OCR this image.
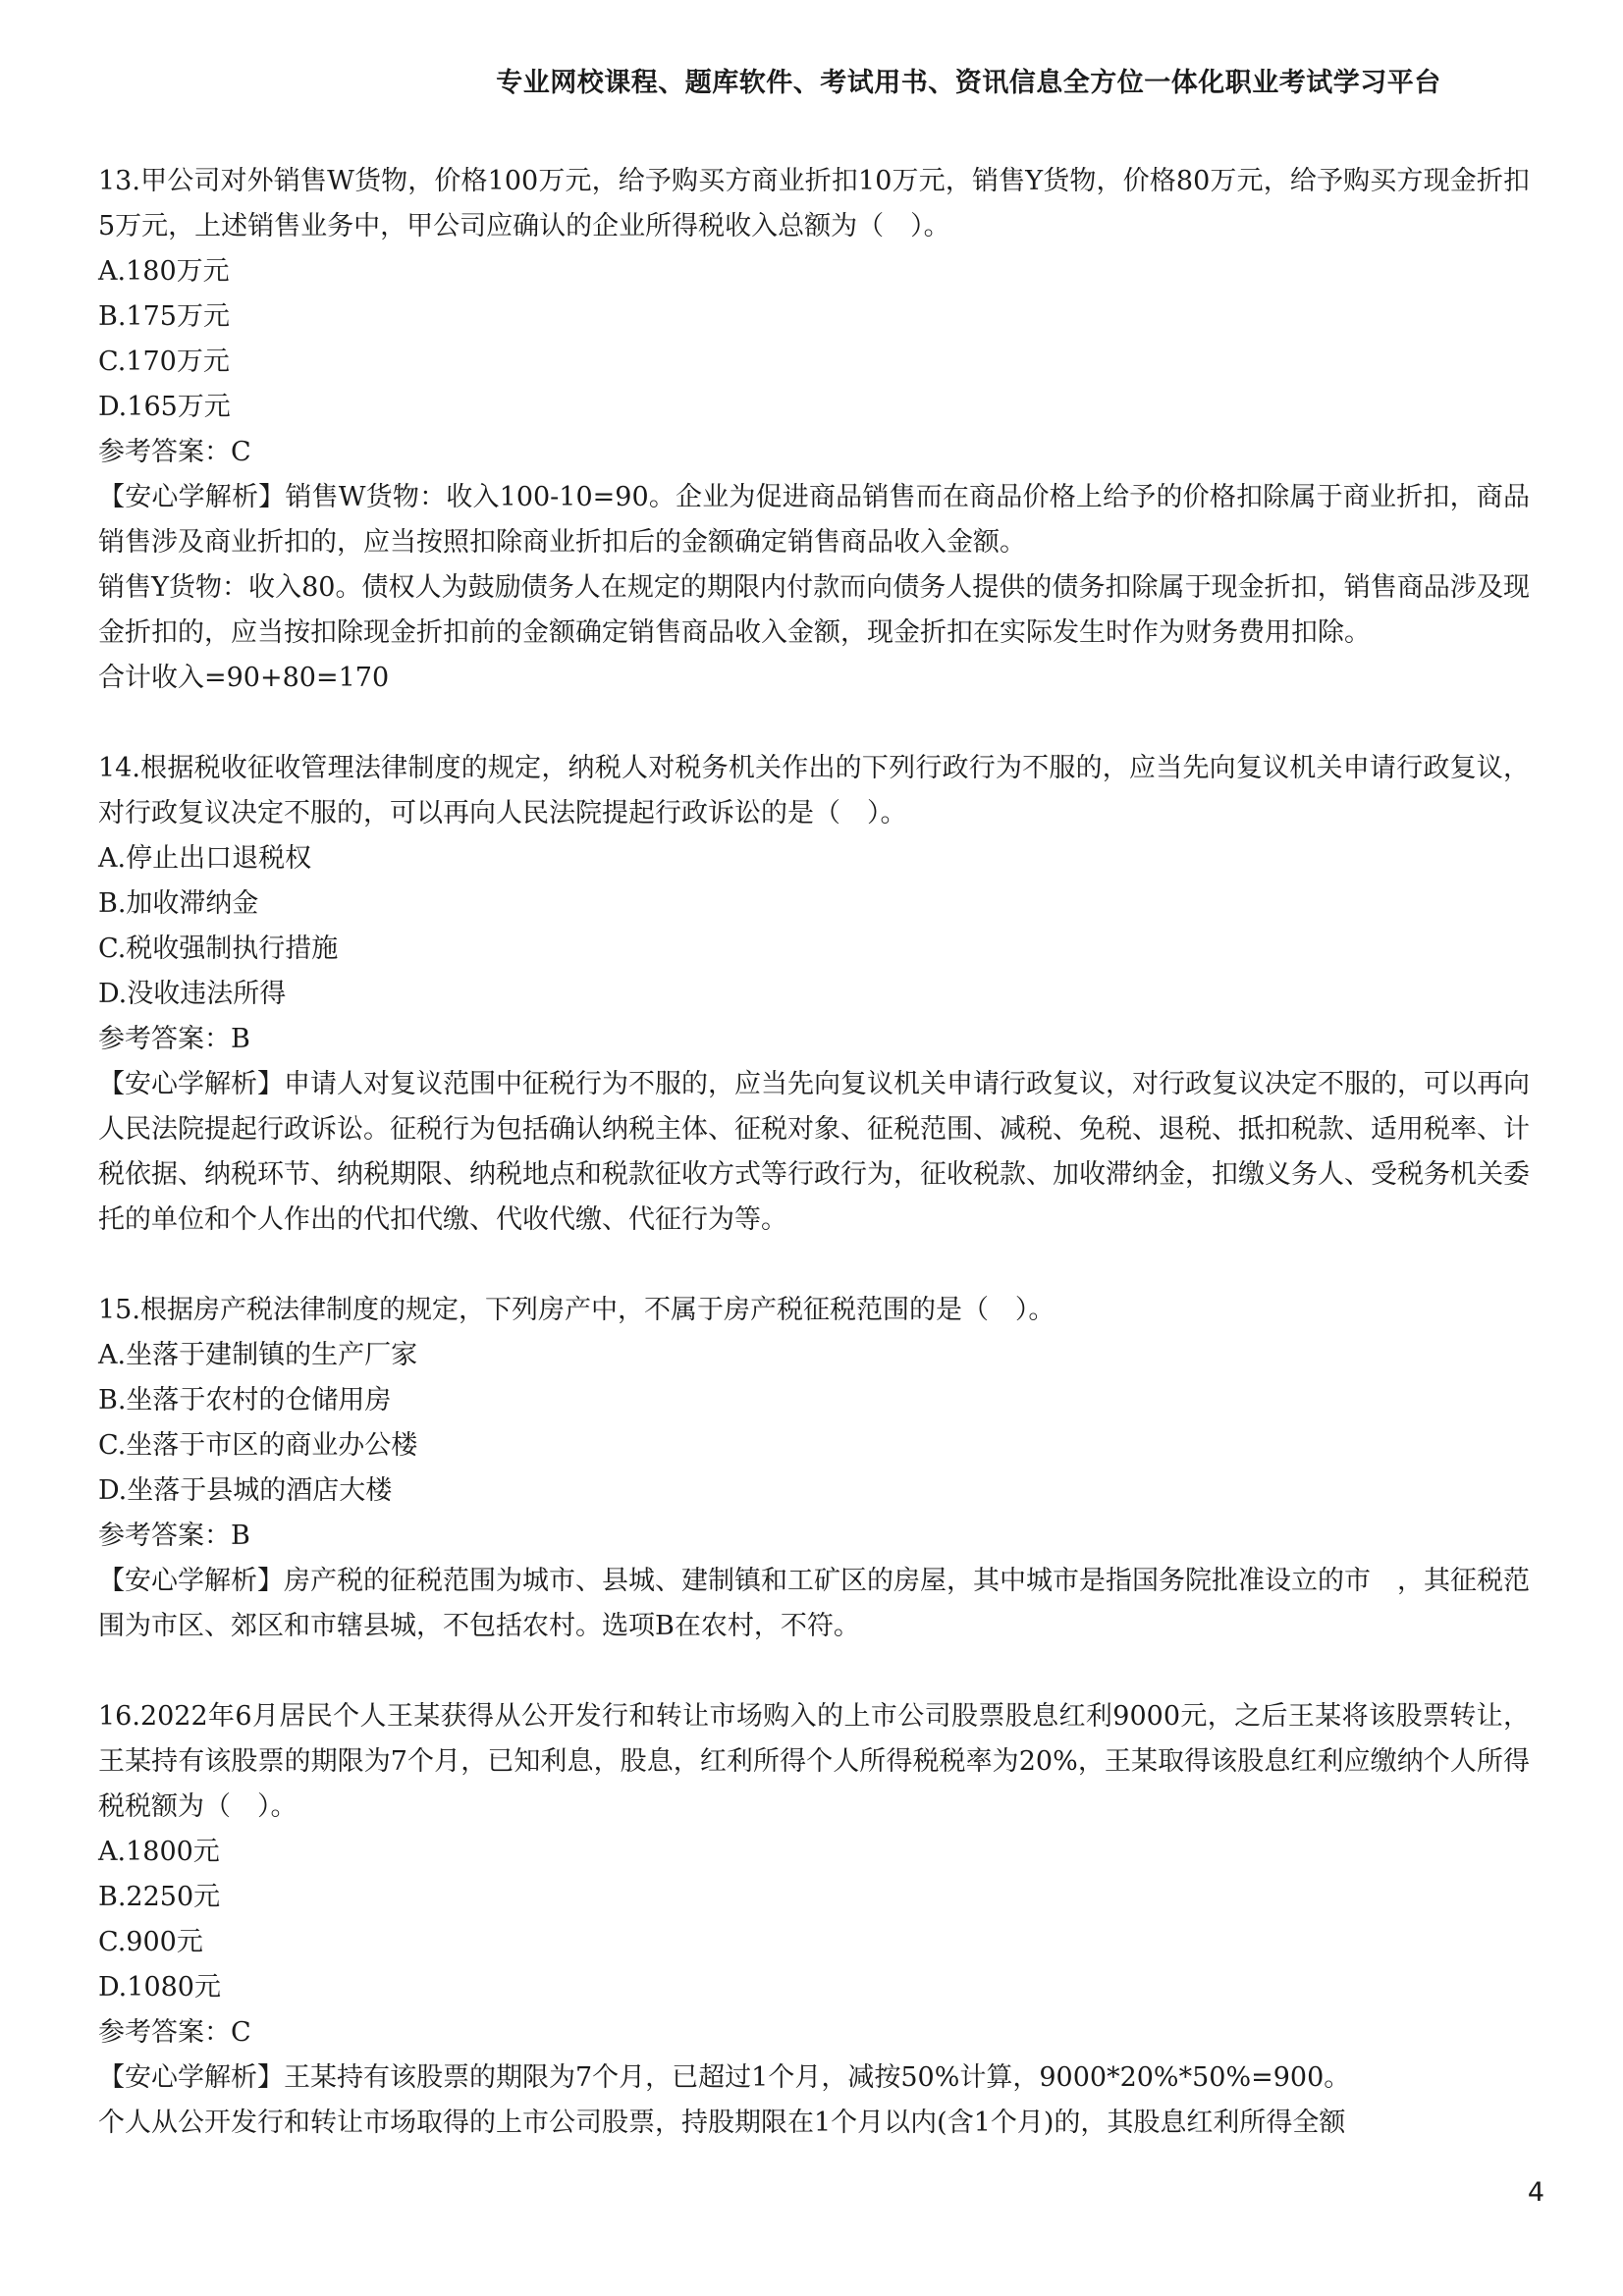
专业网校课程、题库软件、考试用书、资讯信息全方位一体化职业考试学习平台

13.甲公司对外销售W货物，价格100万元，给予购买方商业折扣10万元，销售Y货物，价格80万元，给予购买方现金折扣5万元，上述销售业务中，甲公司应确认的企业所得税收入总额为（　）。

A.180万元

B.175万元

C.170万元

D.165万元

参考答案：C

【安心学解析】销售W货物：收入100-10=90。企业为促进商品销售而在商品价格上给予的价格扣除属于商业折扣，商品销售涉及商业折扣的，应当按照扣除商业折扣后的金额确定销售商品收入金额。

销售Y货物：收入80。债权人为鼓励债务人在规定的期限内付款而向债务人提供的债务扣除属于现金折扣，销售商品涉及现金折扣的，应当按扣除现金折扣前的金额确定销售商品收入金额，现金折扣在实际发生时作为财务费用扣除。

合计收入=90+80=170

14.根据税收征收管理法律制度的规定，纳税人对税务机关作出的下列行政行为不服的，应当先向复议机关申请行政复议，对行政复议决定不服的，可以再向人民法院提起行政诉讼的是（　）。

A.停止出口退税权

B.加收滞纳金

C.税收强制执行措施

D.没收违法所得

参考答案：B

【安心学解析】申请人对复议范围中征税行为不服的，应当先向复议机关申请行政复议，对行政复议决定不服的，可以再向人民法院提起行政诉讼。征税行为包括确认纳税主体、征税对象、征税范围、减税、免税、退税、抵扣税款、适用税率、计税依据、纳税环节、纳税期限、纳税地点和税款征收方式等行政行为，征收税款、加收滞纳金，扣缴义务人、受税务机关委托的单位和个人作出的代扣代缴、代收代缴、代征行为等。

15.根据房产税法律制度的规定，下列房产中，不属于房产税征税范围的是（　）。

A.坐落于建制镇的生产厂家

B.坐落于农村的仓储用房

C.坐落于市区的商业办公楼

D.坐落于县城的酒店大楼

参考答案：B

【安心学解析】房产税的征税范围为城市、县城、建制镇和工矿区的房屋，其中城市是指国务院批准设立的市　，其征税范围为市区、郊区和市辖县城，不包括农村。选项B在农村，不符。

16.2022年6月居民个人王某获得从公开发行和转让市场购入的上市公司股票股息红利9000元，之后王某将该股票转让，王某持有该股票的期限为7个月，已知利息，股息，红利所得个人所得税税率为20%，王某取得该股息红利应缴纳个人所得税税额为（　）。

A.1800元

B.2250元

C.900元

D.1080元

参考答案：C

【安心学解析】王某持有该股票的期限为7个月，已超过1个月，减按50%计算，9000*20%*50%=900。

个人从公开发行和转让市场取得的上市公司股票，持股期限在1个月以内(含1个月)的，其股息红利所得全额

4
